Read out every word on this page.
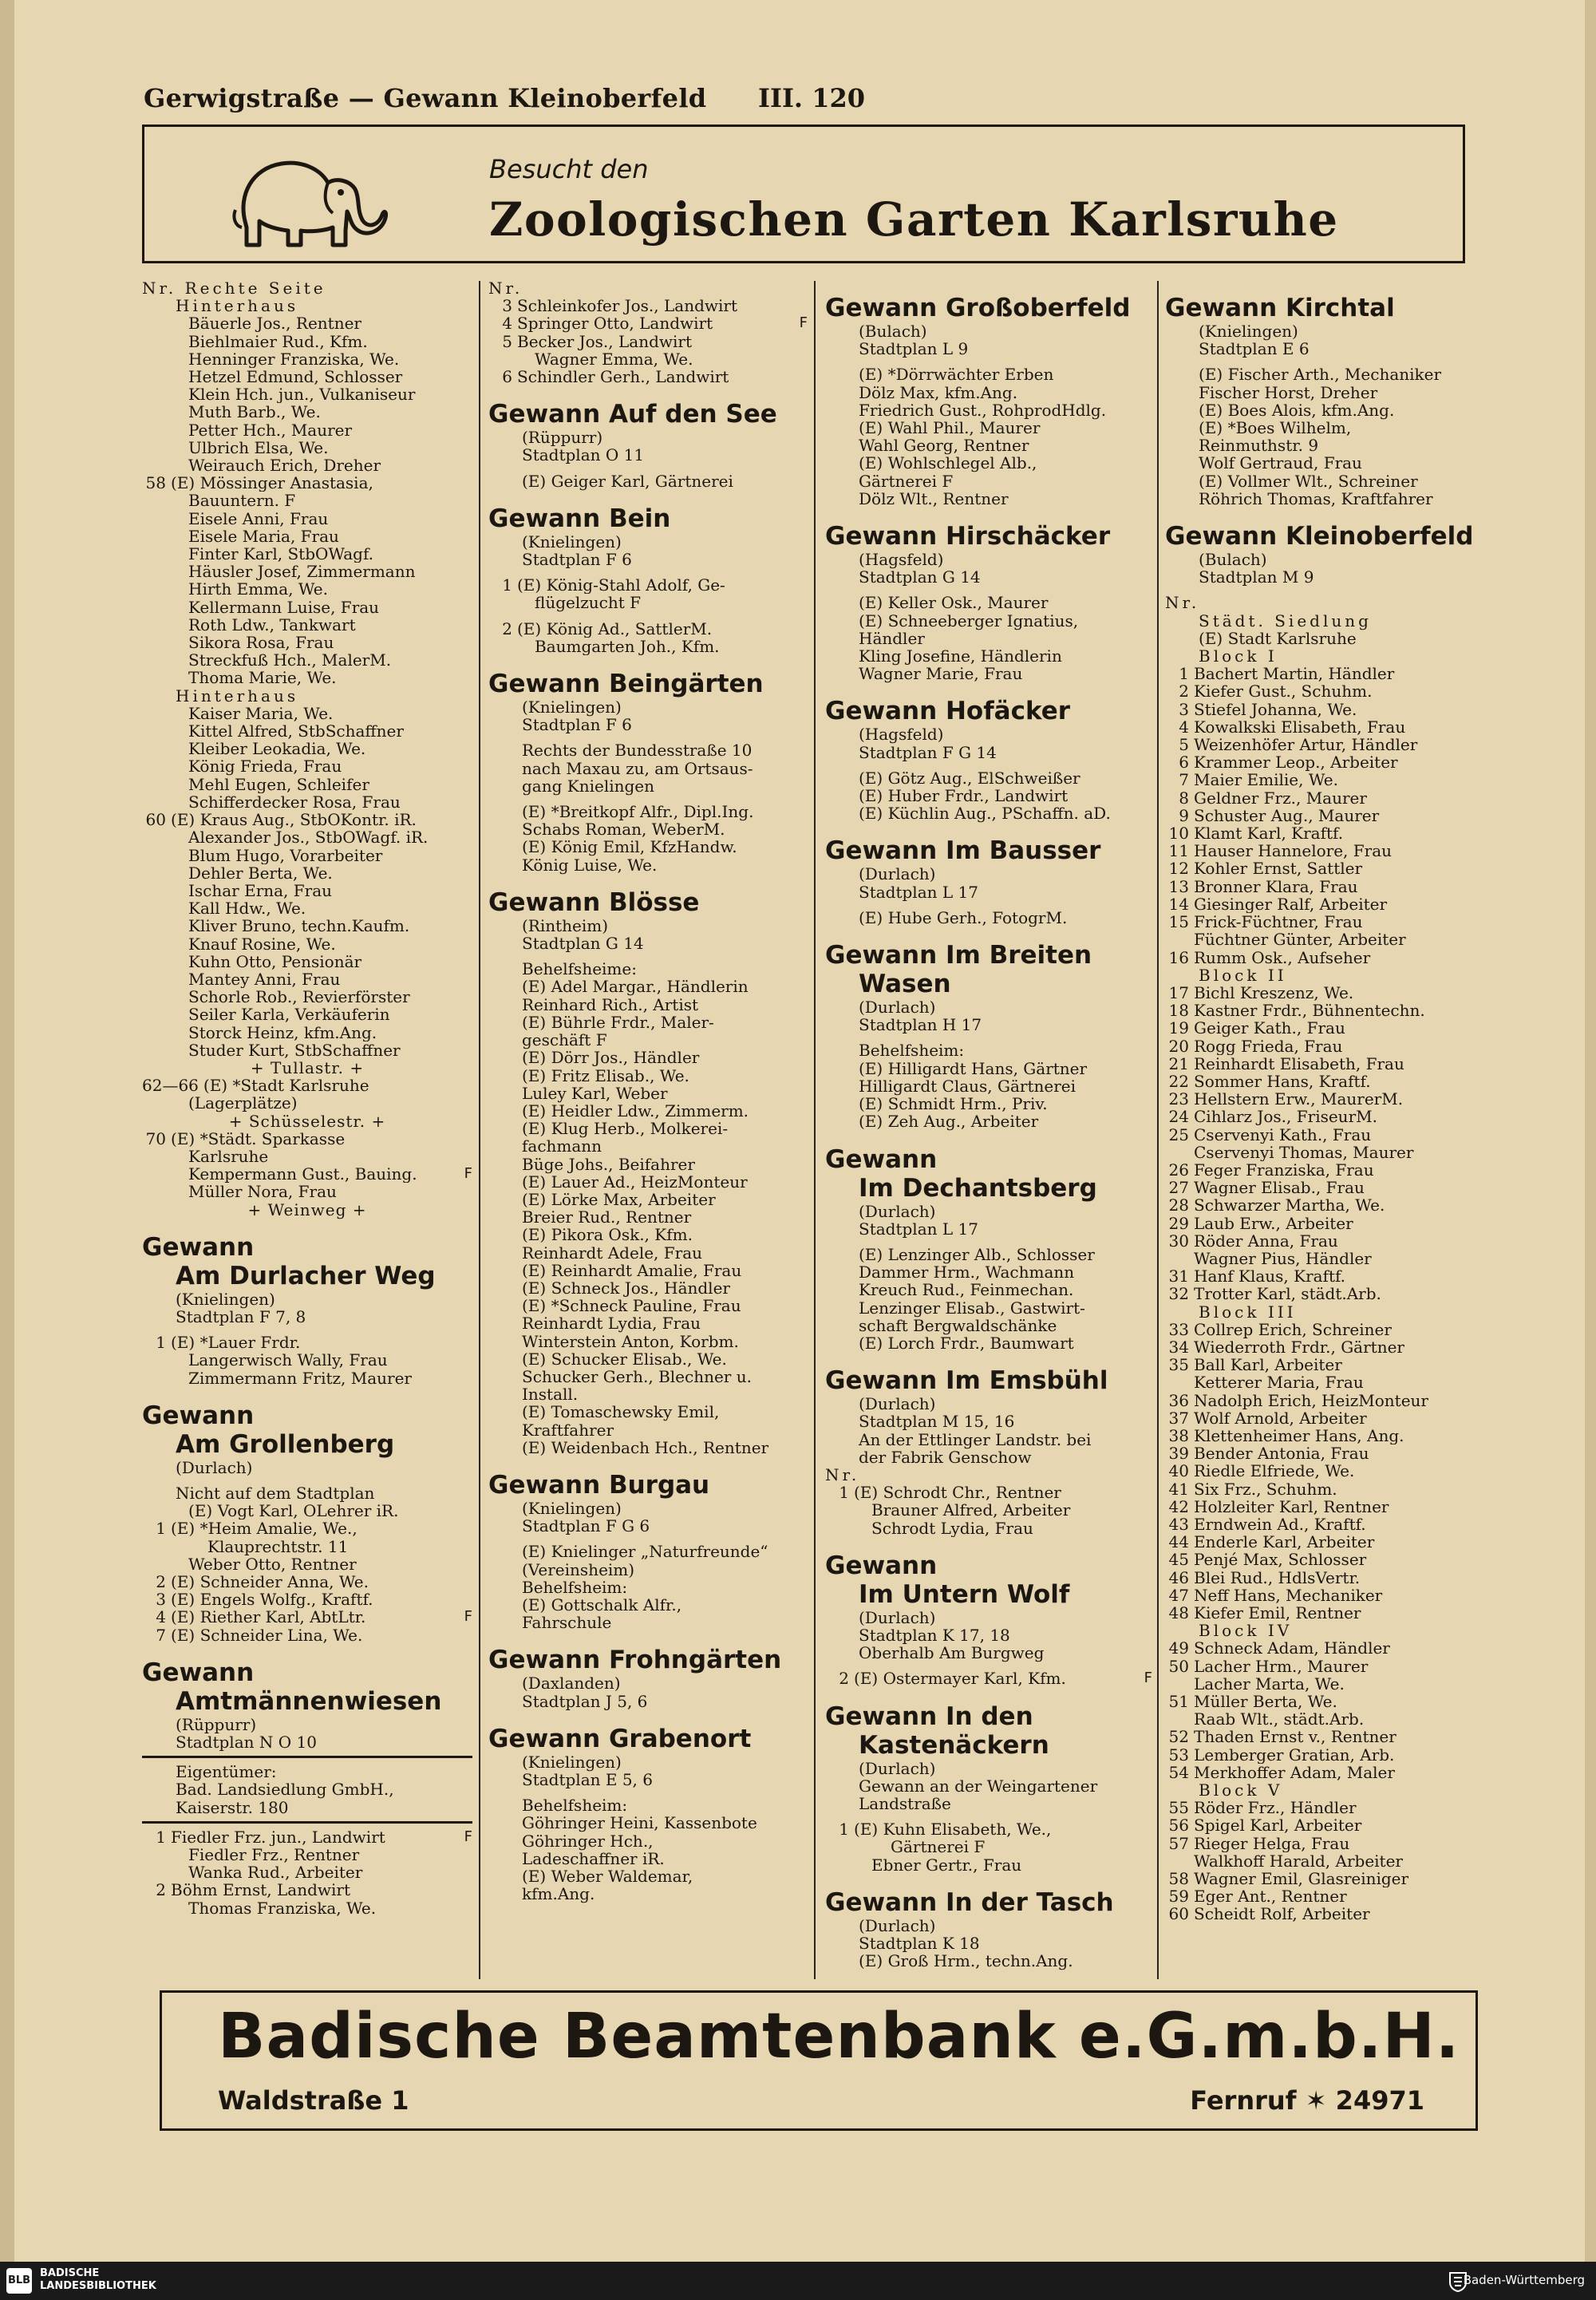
Gerwigstraße — Gewann Kleinoberfeld III. 120
Besucht den
Zoologischen Garten Karlsruhe
Nr. Rechte Seite
Hinterhaus
Bäuerle Jos., Rentner
Biehlmaier Rud., Kfm.
Henninger Franziska, We.
Hetzel Edmund, Schlosser
Klein Hch. jun., Vulkaniseur
Muth Barb., We.
Petter Hch., Maurer
Ulbrich Elsa, We.
Weirauch Erich, Dreher
58 (E) Mössinger Anastasia,
Bauuntern. F
Eisele Anni, Frau
Eisele Maria, Frau
Finter Karl, StbOWagf.
Häusler Josef, Zimmermann
Hirth Emma, We.
Kellermann Luise, Frau
Roth Ldw., Tankwart
Sikora Rosa, Frau
Streckfuß Hch., MalerM.
Thoma Marie, We.
Hinterhaus
Kaiser Maria, We.
Kittel Alfred, StbSchaffner
Kleiber Leokadia, We.
König Frieda, Frau
Mehl Eugen, Schleifer
Schifferdecker Rosa, Frau
60 (E) Kraus Aug., StbOKontr. iR.
Alexander Jos., StbOWagf. iR.
Blum Hugo, Vorarbeiter
Dehler Berta, We.
Ischar Erna, Frau
Kall Hdw., We.
Kliver Bruno, techn.Kaufm.
Knauf Rosine, We.
Kuhn Otto, Pensionär
Mantey Anni, Frau
Schorle Rob., Revierförster
Seiler Karla, Verkäuferin
Storck Heinz, kfm.Ang.
Studer Kurt, StbSchaffner
+ Tullastr. +
62—66 (E) *Stadt Karlsruhe
(Lagerplätze)
+ Schüsselestr. +
70 (E) *Städt. Sparkasse
Karlsruhe
Kempermann Gust., Bauing.	F
Müller Nora, Frau
+ Weinweg +
Gewann
Am Durlacher Weg
(Knielingen)
Stadtplan F 7, 8
1 (E) *Lauer Frdr.
Langerwisch Wally, Frau
Zimmermann Fritz, Maurer
Gewann
Am Grollenberg
(Durlach)
Nicht auf dem Stadtplan
(E) Vogt Karl, OLehrer iR.
1 (E) *Heim Amalie, We.,
Klauprechtstr. 11
Weber Otto, Rentner
2 (E) Schneider Anna, We.
3 (E) Engels Wolfg., Kraftf.
4 (E) Riether Karl, AbtLtr.	F
7 (E) Schneider Lina, We.
Gewann
Amtmännenwiesen
(Rüppurr)
Stadtplan N O 10
Eigentümer:
Bad. Landsiedlung GmbH.,
Kaiserstr. 180
1 Fiedler Frz. jun., Landwirt	F
Fiedler Frz., Rentner
Wanka Rud., Arbeiter
2 Böhm Ernst, Landwirt
Thomas Franziska, We.
Nr.
3 Schleinkofer Jos., Landwirt
4 Springer Otto, Landwirt	F
5 Becker Jos., Landwirt
Wagner Emma, We.
6 Schindler Gerh., Landwirt
Gewann Auf den See
(Rüppurr)
Stadtplan O 11
(E) Geiger Karl, Gärtnerei
Gewann Bein
(Knielingen)
Stadtplan F 6
1 (E) König-Stahl Adolf, Ge-
flügelzucht F
2 (E) König Ad., SattlerM.
Baumgarten Joh., Kfm.
Gewann Beingärten
(Knielingen)
Stadtplan F 6
Rechts der Bundesstraße 10
nach Maxau zu, am Ortsaus-
gang Knielingen
(E) *Breitkopf Alfr., Dipl.Ing.
Schabs Roman, WeberM.
(E) König Emil, KfzHandw.
König Luise, We.
Gewann Blösse
(Rintheim)
Stadtplan G 14
Behelfsheime:
(E) Adel Margar., Händlerin
Reinhard Rich., Artist
(E) Bührle Frdr., Maler-
geschäft F
(E) Dörr Jos., Händler
(E) Fritz Elisab., We.
Luley Karl, Weber
(E) Heidler Ldw., Zimmerm.
(E) Klug Herb., Molkerei-
fachmann
Büge Johs., Beifahrer
(E) Lauer Ad., HeizMonteur
(E) Lörke Max, Arbeiter
Breier Rud., Rentner
(E) Pikora Osk., Kfm.
Reinhardt Adele, Frau
(E) Reinhardt Amalie, Frau
(E) Schneck Jos., Händler
(E) *Schneck Pauline, Frau
Reinhardt Lydia, Frau
Winterstein Anton, Korbm.
(E) Schucker Elisab., We.
Schucker Gerh., Blechner u.
Install.
(E) Tomaschewsky Emil,
Kraftfahrer
(E) Weidenbach Hch., Rentner
Gewann Burgau
(Knielingen)
Stadtplan F G 6
(E) Knielinger „Naturfreunde“
(Vereinsheim)
Behelfsheim:
(E) Gottschalk Alfr.,
Fahrschule
Gewann Frohngärten
(Daxlanden)
Stadtplan J 5, 6
Gewann Grabenort
(Knielingen)
Stadtplan E 5, 6
Behelfsheim:
Göhringer Heini, Kassenbote
Göhringer Hch.,
Ladeschaffner iR.
(E) Weber Waldemar,
kfm.Ang.
Gewann Großoberfeld
(Bulach)
Stadtplan L 9
(E) *Dörrwächter Erben
Dölz Max, kfm.Ang.
Friedrich Gust., RohprodHdlg.
(E) Wahl Phil., Maurer
Wahl Georg, Rentner
(E) Wohlschlegel Alb.,
Gärtnerei F
Dölz Wlt., Rentner
Gewann Hirschäcker
(Hagsfeld)
Stadtplan G 14
(E) Keller Osk., Maurer
(E) Schneeberger Ignatius,
Händler
Kling Josefine, Händlerin
Wagner Marie, Frau
Gewann Hofäcker
(Hagsfeld)
Stadtplan F G 14
(E) Götz Aug., ElSchweißer
(E) Huber Frdr., Landwirt
(E) Küchlin Aug., PSchaffn. aD.
Gewann Im Bausser
(Durlach)
Stadtplan L 17
(E) Hube Gerh., FotogrM.
Gewann Im Breiten
Wasen
(Durlach)
Stadtplan H 17
Behelfsheim:
(E) Hilligardt Hans, Gärtner
Hilligardt Claus, Gärtnerei
(E) Schmidt Hrm., Priv.
(E) Zeh Aug., Arbeiter
Gewann
Im Dechantsberg
(Durlach)
Stadtplan L 17
(E) Lenzinger Alb., Schlosser
Dammer Hrm., Wachmann
Kreuch Rud., Feinmechan.
Lenzinger Elisab., Gastwirt-
schaft Bergwaldschänke
(E) Lorch Frdr., Baumwart
Gewann Im Emsbühl
(Durlach)
Stadtplan M 15, 16
An der Ettlinger Landstr. bei
der Fabrik Genschow
Nr.
1 (E) Schrodt Chr., Rentner
Brauner Alfred, Arbeiter
Schrodt Lydia, Frau
Gewann
Im Untern Wolf
(Durlach)
Stadtplan K 17, 18
Oberhalb Am Burgweg
2 (E) Ostermayer Karl, Kfm.	F
Gewann In den
Kastenäckern
(Durlach)
Gewann an der Weingartener
Landstraße
1 (E) Kuhn Elisabeth, We.,
Gärtnerei F
Ebner Gertr., Frau
Gewann In der Tasch
(Durlach)
Stadtplan K 18
(E) Groß Hrm., techn.Ang.
Gewann Kirchtal
(Knielingen)
Stadtplan E 6
(E) Fischer Arth., Mechaniker
Fischer Horst, Dreher
(E) Boes Alois, kfm.Ang.
(E) *Boes Wilhelm,
Reinmuthstr. 9
Wolf Gertraud, Frau
(E) Vollmer Wlt., Schreiner
Röhrich Thomas, Kraftfahrer
Gewann Kleinoberfeld
(Bulach)
Stadtplan M 9
Nr.
Städt. Siedlung
(E) Stadt Karlsruhe
Block I
1 Bachert Martin, Händler
2 Kiefer Gust., Schuhm.
3 Stiefel Johanna, We.
4 Kowalkski Elisabeth, Frau
5 Weizenhöfer Artur, Händler
6 Krammer Leop., Arbeiter
7 Maier Emilie, We.
8 Geldner Frz., Maurer
9 Schuster Aug., Maurer
10 Klamt Karl, Kraftf.
11 Hauser Hannelore, Frau
12 Kohler Ernst, Sattler
13 Bronner Klara, Frau
14 Giesinger Ralf, Arbeiter
15 Frick-Füchtner, Frau
Füchtner Günter, Arbeiter
16 Rumm Osk., Aufseher
Block II
17 Bichl Kreszenz, We.
18 Kastner Frdr., Bühnentechn.
19 Geiger Kath., Frau
20 Rogg Frieda, Frau
21 Reinhardt Elisabeth, Frau
22 Sommer Hans, Kraftf.
23 Hellstern Erw., MaurerM.
24 Cihlarz Jos., FriseurM.
25 Cservenyi Kath., Frau
Cservenyi Thomas, Maurer
26 Feger Franziska, Frau
27 Wagner Elisab., Frau
28 Schwarzer Martha, We.
29 Laub Erw., Arbeiter
30 Röder Anna, Frau
Wagner Pius, Händler
31 Hanf Klaus, Kraftf.
32 Trotter Karl, städt.Arb.
Block III
33 Collrep Erich, Schreiner
34 Wiederroth Frdr., Gärtner
35 Ball Karl, Arbeiter
Ketterer Maria, Frau
36 Nadolph Erich, HeizMonteur
37 Wolf Arnold, Arbeiter
38 Klettenheimer Hans, Ang.
39 Bender Antonia, Frau
40 Riedle Elfriede, We.
41 Six Frz., Schuhm.
42 Holzleiter Karl, Rentner
43 Erndwein Ad., Kraftf.
44 Enderle Karl, Arbeiter
45 Penjé Max, Schlosser
46 Blei Rud., HdlsVertr.
47 Neff Hans, Mechaniker
48 Kiefer Emil, Rentner
Block IV
49 Schneck Adam, Händler
50 Lacher Hrm., Maurer
Lacher Marta, We.
51 Müller Berta, We.
Raab Wlt., städt.Arb.
52 Thaden Ernst v., Rentner
53 Lemberger Gratian, Arb.
54 Merkhoffer Adam, Maler
Block V
55 Röder Frz., Händler
56 Spigel Karl, Arbeiter
57 Rieger Helga, Frau
Walkhoff Harald, Arbeiter
58 Wagner Emil, Glasreiniger
59 Eger Ant., Rentner
60 Scheidt Rolf, Arbeiter
Badische Beamtenbank e.G.m.b.H.
Waldstraße 1	Fernruf ✶ 24971
BLB
BADISCHE
LANDESBIBLIOTHEK	Baden-Württemberg
